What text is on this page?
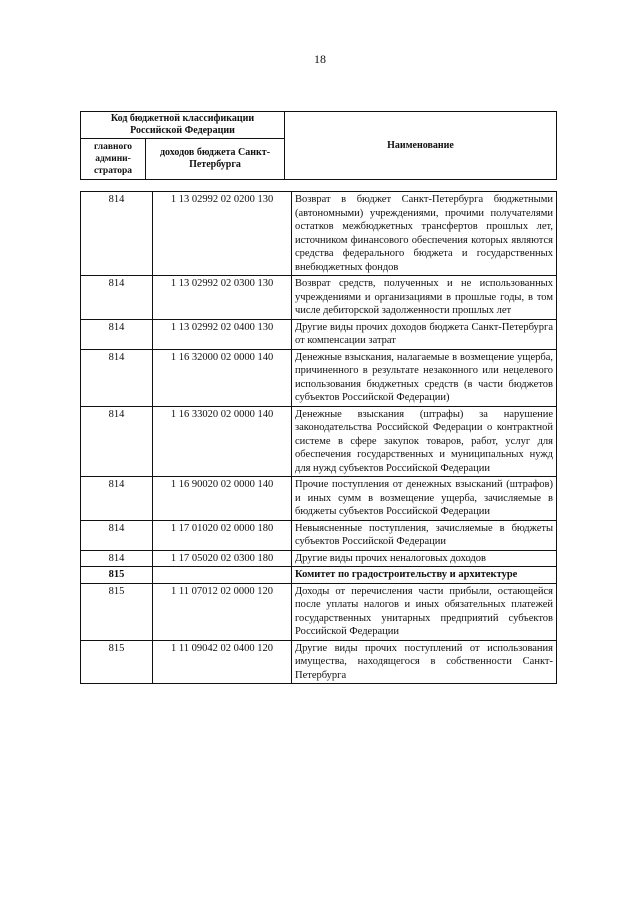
18
Код бюджетной классификации Российской Федерации		Наименование
главного админи-стратора	доходов бюджета Санкт-Петербурга	
814	1 13 02992 02 0200 130	Возврат в бюджет Санкт-Петербурга бюджетными (автономными) учреждениями, прочими получателями остатков межбюджетных трансфертов прошлых лет, источником финансового обеспечения которых являются средства федерального бюджета и государственных внебюджетных фондов
814	1 13 02992 02 0300 130	Возврат средств, полученных и не использованных учреждениями и организациями в прошлые годы, в том числе дебиторской задолженности прошлых лет
814	1 13 02992 02 0400 130	Другие виды прочих доходов бюджета Санкт-Петербурга от компенсации затрат
814	1 16 32000 02 0000 140	Денежные взыскания, налагаемые в возмещение ущерба, причиненного в результате незаконного или нецелевого использования бюджетных средств (в части бюджетов субъектов Российской Федерации)
814	1 16 33020 02 0000 140	Денежные взыскания (штрафы) за нарушение законодательства Российской Федерации о контрактной системе в сфере закупок товаров, работ, услуг для обеспечения государственных и муниципальных нужд для нужд субъектов Российской Федерации
814	1 16 90020 02 0000 140	Прочие поступления от денежных взысканий (штрафов) и иных сумм в возмещение ущерба, зачисляемые в бюджеты субъектов Российской Федерации
814	1 17 01020 02 0000 180	Невыясненные поступления, зачисляемые в бюджеты субъектов Российской Федерации
814	1 17 05020 02 0300 180	Другие виды прочих неналоговых доходов
815		Комитет по градостроительству и архитектуре
815	1 11 07012 02 0000 120	Доходы от перечисления части прибыли, остающейся после уплаты налогов и иных обязательных платежей государственных унитарных предприятий субъектов Российской Федерации
815	1 11 09042 02 0400 120	Другие виды прочих поступлений от использования имущества, находящегося в собственности Санкт-Петербурга
